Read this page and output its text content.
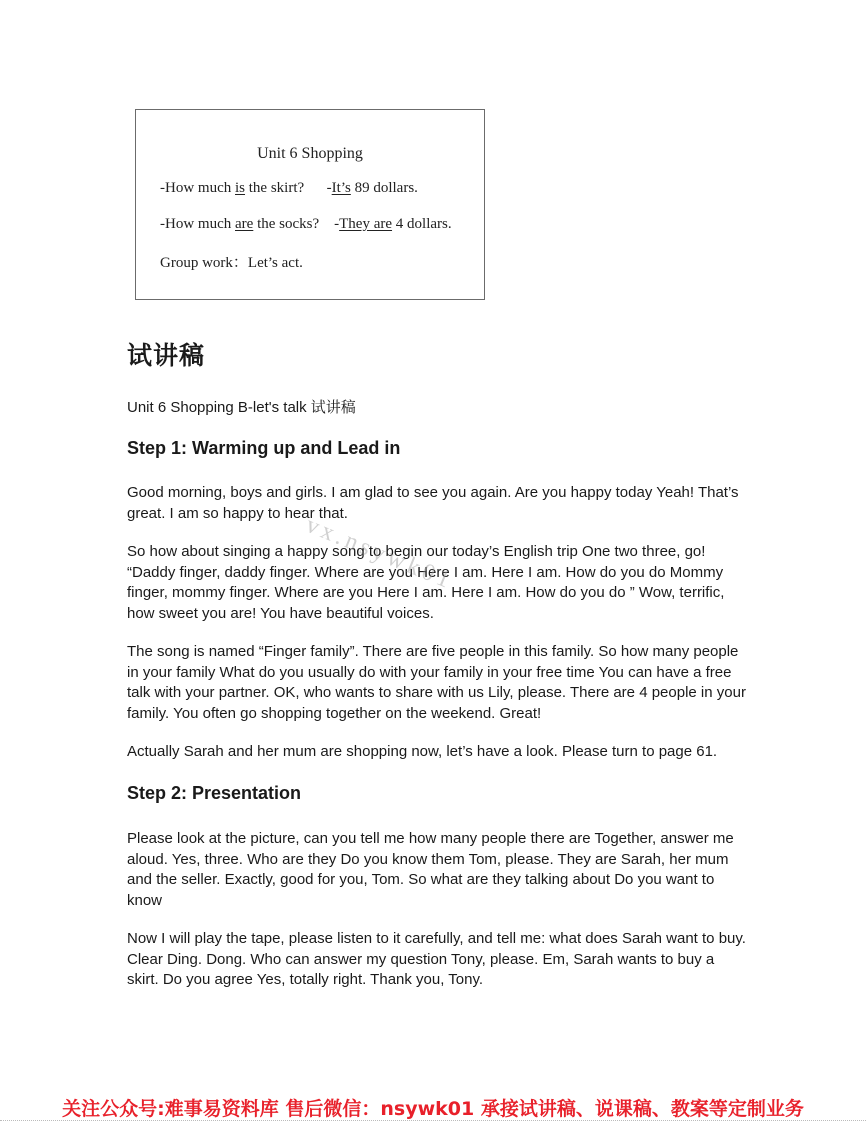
Unit 6 Shopping
-How much is the skirt? -It’s 89 dollars.
-How much are the socks? -They are 4 dollars.
Group work：Let’s act.
试讲稿
Unit 6 Shopping B-let's talk 试讲稿
Step 1: Warming up and Lead in

Good morning, boys and girls. I am glad to see you again. Are you happy today Yeah! That’s great. I am so happy to hear that.

So how about singing a happy song to begin our today’s English trip One two three, go! “Daddy finger, daddy finger. Where are you Here I am. Here I am. How do you do Mommy finger, mommy finger. Where are you Here I am. Here I am. How do you do ” Wow, terrific, how sweet you are! You have beautiful voices.

The song is named “Finger family”. There are five people in this family. So how many people in your family What do you usually do with your family in your free time You can have a free talk with your partner. OK, who wants to share with us Lily, please. There are 4 people in your family. You often go shopping together on the weekend. Great!

Actually Sarah and her mum are shopping now, let’s have a look. Please turn to page 61.

Step 2: Presentation

Please look at the picture, can you tell me how many people there are Together, answer me aloud. Yes, three. Who are they Do you know them Tom, please. They are Sarah, her mum and the seller. Exactly, good for you, Tom. So what are they talking about Do you want to know

Now I will play the tape, please listen to it carefully, and tell me: what does Sarah want to buy. Clear Ding. Dong. Who can answer my question Tony, please. Em, Sarah wants to buy a skirt. Do you agree Yes, totally right. Thank you, Tony.

vx.nsywk01
关注公众号:难事易资料库 售后微信：nsywk01 承接试讲稿、说课稿、教案等定制业务
